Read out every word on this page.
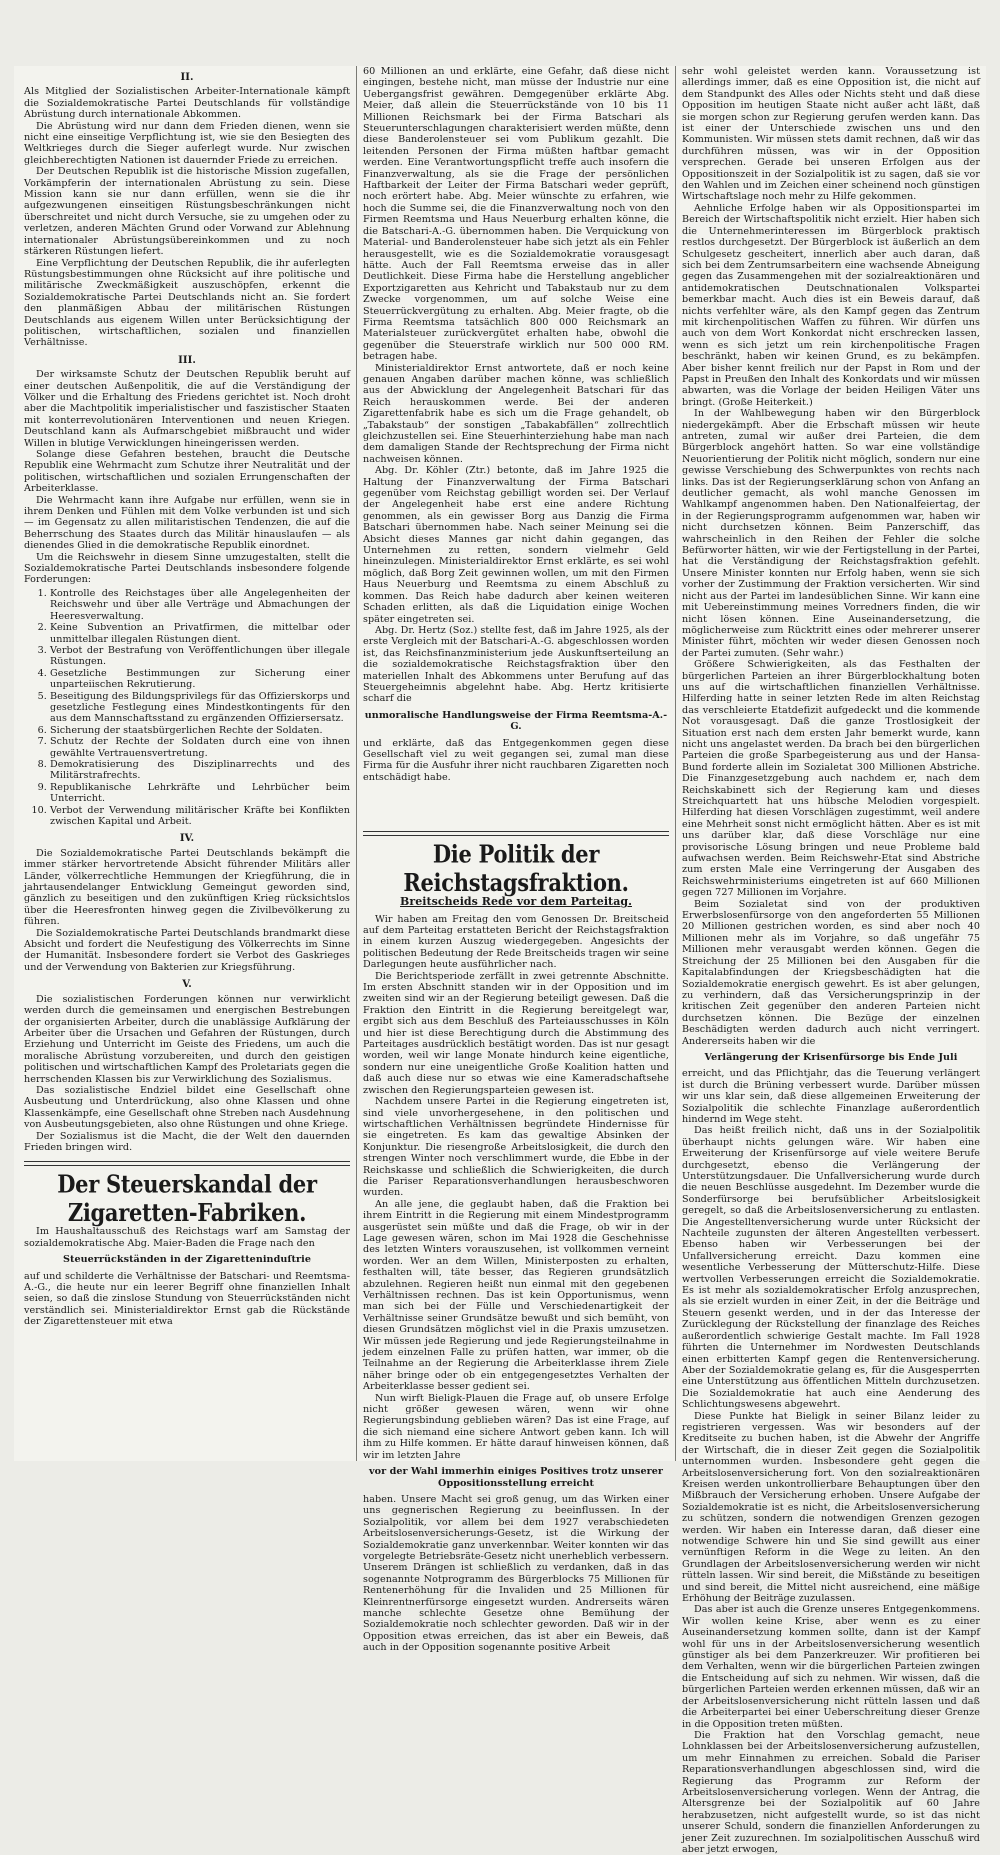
II.

Als Mitglied der Sozialistischen Arbeiter-Internationale kämpft die Sozialdemokratische Partei Deutschlands für vollständige Abrüstung durch internationale Abkommen.

Die Abrüstung wird nur dann dem Frieden dienen, wenn sie nicht eine einseitige Verpflichtung ist, wie sie den Besiegten des Weltkrieges durch die Sieger auferlegt wurde. Nur zwischen gleichberechtigten Nationen ist dauernder Friede zu erreichen.

Der Deutschen Republik ist die historische Mission zugefallen, Vorkämpferin der internationalen Abrüstung zu sein. Diese Mission kann sie nur dann erfüllen, wenn sie die ihr aufgezwungenen einseitigen Rüstungsbeschränkungen nicht überschreitet und nicht durch Versuche, sie zu umgehen oder zu verletzen, anderen Mächten Grund oder Vorwand zur Ablehnung internationaler Abrüstungsübereinkommen und zu noch stärkeren Rüstungen liefert.

Eine Verpflichtung der Deutschen Republik, die ihr auferlegten Rüstungsbestimmungen ohne Rücksicht auf ihre politische und militärische Zweckmäßigkeit auszuschöpfen, erkennt die Sozialdemokratische Partei Deutschlands nicht an. Sie fordert den planmäßigen Abbau der militärischen Rüstungen Deutschlands aus eigenem Willen unter Berücksichtigung der politischen, wirtschaftlichen, sozialen und finanziellen Verhältnisse.

III.

Der wirksamste Schutz der Deutschen Republik beruht auf einer deutschen Außenpolitik, die auf die Verständigung der Völker und die Erhaltung des Friedens gerichtet ist. Noch droht aber die Machtpolitik imperialistischer und faszistischer Staaten mit konterrevolutionären Interventionen und neuen Kriegen. Deutschland kann als Aufmarschgebiet mißbraucht und wider Willen in blutige Verwicklungen hineingerissen werden.

Solange diese Gefahren bestehen, braucht die Deutsche Republik eine Wehrmacht zum Schutze ihrer Neutralität und der politischen, wirtschaftlichen und sozialen Errungenschaften der Arbeiterklasse.

Die Wehrmacht kann ihre Aufgabe nur erfüllen, wenn sie in ihrem Denken und Fühlen mit dem Volke verbunden ist und sich — im Gegensatz zu allen militaristischen Tendenzen, die auf die Beherrschung des Staates durch das Militär hinauslaufen — als dienendes Glied in die demokratische Republik einordnet.

Um die Reichswehr in diesem Sinne umzugestalten, stellt die Sozialdemokratische Partei Deutschlands insbesondere folgende Forderungen:

1. Kontrolle des Reichstages über alle Angelegenheiten der Reichswehr und über alle Verträge und Abmachungen der Heeresverwaltung.
2. Keine Subvention an Privatfirmen, die mittelbar oder unmittelbar illegalen Rüstungen dient.
3. Verbot der Bestrafung von Veröffentlichungen über illegale Rüstungen.
4. Gesetzliche Bestimmungen zur Sicherung einer unparteiischen Rekrutierung.
5. Beseitigung des Bildungsprivilegs für das Offizierskorps und gesetzliche Festlegung eines Mindestkontingents für den aus dem Mannschaftsstand zu ergänzenden Offiziersersatz.
6. Sicherung der staatsbürgerlichen Rechte der Soldaten.
7. Schutz der Rechte der Soldaten durch eine von ihnen gewählte Vertrauensvertretung.
8. Demokratisierung des Disziplinarrechts und des Militärstrafrechts.
9. Republikanische Lehrkräfte und Lehrbücher beim Unterricht.
10. Verbot der Verwendung militärischer Kräfte bei Konflikten zwischen Kapital und Arbeit.
IV.

Die Sozialdemokratische Partei Deutschlands bekämpft die immer stärker hervortretende Absicht führender Militärs aller Länder, völkerrechtliche Hemmungen der Kriegführung, die in jahrtausendelanger Entwicklung Gemeingut geworden sind, gänzlich zu beseitigen und den zukünftigen Krieg rücksichtslos über die Heeresfronten hinweg gegen die Zivilbevölkerung zu führen.

Die Sozialdemokratische Partei Deutschlands brandmarkt diese Absicht und fordert die Neufestigung des Völkerrechts im Sinne der Humanität. Insbesondere fordert sie Verbot des Gaskrieges und der Verwendung von Bakterien zur Kriegsführung.

V.

Die sozialistischen Forderungen können nur verwirklicht werden durch die gemeinsamen und energischen Bestrebungen der organisierten Arbeiter, durch die unablässige Aufklärung der Arbeiter über die Ursachen und Gefahren der Rüstungen, durch Erziehung und Unterricht im Geiste des Friedens, um auch die moralische Abrüstung vorzubereiten, und durch den geistigen politischen und wirtschaftlichen Kampf des Proletariats gegen die herrschenden Klassen bis zur Verwirklichung des Sozialismus.

Das sozialistische Endziel bildet eine Gesellschaft ohne Ausbeutung und Unterdrückung, also ohne Klassen und ohne Klassenkämpfe, eine Gesellschaft ohne Streben nach Ausdehnung von Ausbeutungsgebieten, also ohne Rüstungen und ohne Kriege.

Der Sozialismus ist die Macht, die der Welt den dauernden Frieden bringen wird.

Der Steuerskandal der Zigaretten-Fabriken.

Im Haushaltausschuß des Reichstags warf am Samstag der sozialdemokratische Abg. Maier-Baden die Frage nach den

Steuerrückständen in der Zigaretteninduſtrie

auf und schilderte die Verhältnisse der Batschari- und Reemtsma-A.-G., die heute nur ein leerer Begriff ohne finanziellen Inhalt seien, so daß die zinslose Stundung von Steuerrückständen nicht verständlich sei. Ministerialdirektor Ernst gab die Rückstände der Zigarettensteuer mit etwa

60 Millionen an und erklärte, eine Gefahr, daß diese nicht eingingen, bestehe nicht, man müsse der Industrie nur eine Uebergangsfrist gewähren. Demgegenüber erklärte Abg. Meier, daß allein die Steuerrückstände von 10 bis 11 Millionen Reichsmark bei der Firma Batschari als Steuerunterschlagungen charakterisiert werden müßte, denn diese Banderolensteuer sei vom Publikum gezahlt. Die leitenden Personen der Firma müßten haftbar gemacht werden. Eine Verantwortungspflicht treffe auch insofern die Finanzverwaltung, als sie die Frage der persönlichen Haftbarkeit der Leiter der Firma Batschari weder geprüft, noch erörtert habe. Abg. Meier wünschte zu erfahren, wie hoch die Summe sei, die die Finanzverwaltung noch von den Firmen Reemtsma und Haus Neuerburg erhalten könne, die die Batschari-A.-G. übernommen haben. Die Verquickung von Material- und Banderolensteuer habe sich jetzt als ein Fehler herausgestellt, wie es die Sozialdemokratie vorausgesagt hätte. Auch der Fall Reemtsma erweise das in aller Deutlichkeit. Diese Firma habe die Herstellung angeblicher Exportzigaretten aus Kehricht und Tabakstaub nur zu dem Zwecke vorgenommen, um auf solche Weise eine Steuerrückvergütung zu erhalten. Abg. Meier fragte, ob die Firma Reemtsma tatsächlich 800 000 Reichsmark an Materialsteuer zurückvergütet erhalten habe, obwohl die gegenüber die Steuerstrafe wirklich nur 500 000 RM. betragen habe.

Ministerialdirektor Ernst antwortete, daß er noch keine genauen Angaben darüber machen könne, was schließlich aus der Abwicklung der Angelegenheit Batschari für das Reich herauskommen werde. Bei der anderen Zigarettenfabrik habe es sich um die Frage gehandelt, ob „Tabakstaub“ der sonstigen „Tabakabfällen“ zollrechtlich gleichzustellen sei. Eine Steuerhinterziehung habe man nach dem damaligen Stande der Rechtsprechung der Firma nicht nachweisen können.

Abg. Dr. Köhler (Ztr.) betonte, daß im Jahre 1925 die Haltung der Finanzverwaltung der Firma Batschari gegenüber vom Reichstag gebilligt worden sei. Der Verlauf der Angelegenheit habe erst eine andere Richtung genommen, als ein gewisser Borg aus Danzig die Firma Batschari übernommen habe. Nach seiner Meinung sei die Absicht dieses Mannes gar nicht dahin gegangen, das Unternehmen zu retten, sondern vielmehr Geld hineinzulegen. Ministerialdirektor Ernst erklärte, es sei wohl möglich, daß Borg Zeit gewinnen wollen, um mit den Firmen Haus Neuerburg und Reemtsma zu einem Abschluß zu kommen. Das Reich habe dadurch aber keinen weiteren Schaden erlitten, als daß die Liquidation einige Wochen später eingetreten sei.

Abg. Dr. Hertz (Soz.) stellte fest, daß im Jahre 1925, als der erste Vergleich mit der Batschari-A.-G. abgeschlossen worden ist, das Reichsfinanzministerium jede Auskunftserteilung an die sozialdemokratische Reichstagsfraktion über den materiellen Inhalt des Abkommens unter Berufung auf das Steuergeheimnis abgelehnt habe. Abg. Hertz kritisierte scharf die

unmoralische Handlungsweise der Firma Reemtsma-A.-G.

und erklärte, daß das Entgegenkommen gegen diese Gesellschaft viel zu weit gegangen sei, zumal man diese Firma für die Ausfuhr ihrer nicht rauchbaren Zigaretten noch entschädigt habe.

Die Politik der Reichstagsfraktion.
Breitscheids Rede vor dem Parteitag.

Wir haben am Freitag den vom Genossen Dr. Breitscheid auf dem Parteitag erstatteten Bericht der Reichstagsfraktion in einem kurzen Auszug wiedergegeben. Angesichts der politischen Bedeutung der Rede Breitscheids tragen wir seine Darlegungen heute ausführlicher nach.

Die Berichtsperiode zerfällt in zwei getrennte Abschnitte. Im ersten Abschnitt standen wir in der Opposition und im zweiten sind wir an der Regierung beteiligt gewesen. Daß die Fraktion den Eintritt in die Regierung bereitgelegt war, ergibt sich aus dem Beschluß des Parteiausschusses in Köln und hier ist diese Berechtigung durch die Abstimmung des Parteitages ausdrücklich bestätigt worden. Das ist nur gesagt worden, weil wir lange Monate hindurch keine eigentliche, sondern nur eine uneigentliche Große Koalition hatten und daß auch diese nur so etwas wie eine Kameradschaftsehe zwischen den Regierungsparteien gewesen ist.

Nachdem unsere Partei in die Regierung eingetreten ist, sind viele unvorhergesehene, in den politischen und wirtschaftlichen Verhältnissen begründete Hindernisse für sie eingetreten. Es kam das gewaltige Absinken der Konjunktur. Die riesengroße Arbeitslosigkeit, die durch den strengen Winter noch verschlimmert wurde, die Ebbe in der Reichskasse und schließlich die Schwierigkeiten, die durch die Pariser Reparationsverhandlungen herausbeschworen wurden.

An alle jene, die geglaubt haben, daß die Fraktion bei ihrem Eintritt in die Regierung mit einem Mindestprogramm ausgerüstet sein müßte und daß die Frage, ob wir in der Lage gewesen wären, schon im Mai 1928 die Geschehnisse des letzten Winters vorauszusehen, ist vollkommen verneint worden. Wer an dem Willen, Ministerposten zu erhalten, festhalten will, täte besser, das Regieren grundsätzlich abzulehnen. Regieren heißt nun einmal mit den gegebenen Verhältnissen rechnen. Das ist kein Opportunismus, wenn man sich bei der Fülle und Verschiedenartigkeit der Verhältnisse seiner Grundsätze bewußt und sich bemüht, von diesen Grundsätzen möglichst viel in die Praxis umzusetzen. Wir müssen jede Regierung und jede Regierungsteilnahme in jedem einzelnen Falle zu prüfen hatten, war immer, ob die Teilnahme an der Regierung die Arbeiterklasse ihrem Ziele näher bringe oder ob ein entgegengesetztes Verhalten der Arbeiterklasse besser gedient sei.

Nun wirft Bieligk-Plauen die Frage auf, ob unsere Erfolge nicht größer gewesen wären, wenn wir ohne Regierungsbindung geblieben wären? Das ist eine Frage, auf die sich niemand eine sichere Antwort geben kann. Ich will ihm zu Hilfe kommen. Er hätte darauf hinweisen können, daß wir im letzten Jahre

vor der Wahl immerhin einiges Positives trotz unserer Oppositionsstellung erreicht

haben. Unsere Macht sei groß genug, um das Wirken einer uns gegnerischen Regierung zu beeinflussen. In der Sozialpolitik, vor allem bei dem 1927 verabschiedeten Arbeitslosenversicherungs-Gesetz, ist die Wirkung der Sozialdemokratie ganz unverkennbar. Weiter konnten wir das vorgelegte Betriebsräte-Gesetz nicht unerheblich verbessern. Unserem Drängen ist schließlich zu verdanken, daß in das sogenannte Notprogramm des Bürgerblocks 75 Millionen für Rentenerhöhung für die Invaliden und 25 Millionen für Kleinrentnerfürsorge eingesetzt wurden. Andrerseits wären manche schlechte Gesetze ohne Bemühung der Sozialdemokratie noch schlechter geworden. Daß wir in der Opposition etwas erreichen, das ist aber ein Beweis, daß auch in der Opposition sogenannte positive Arbeit

sehr wohl geleistet werden kann. Voraussetzung ist allerdings immer, daß es eine Opposition ist, die nicht auf dem Standpunkt des Alles oder Nichts steht und daß diese Opposition im heutigen Staate nicht außer acht läßt, daß sie morgen schon zur Regierung gerufen werden kann. Das ist einer der Unterschiede zwischen uns und den Kommunisten. Wir müssen stets damit rechnen, daß wir das durchführen müssen, was wir in der Opposition versprechen. Gerade bei unseren Erfolgen aus der Oppositionszeit in der Sozialpolitik ist zu sagen, daß sie vor den Wahlen und im Zeichen einer scheinend noch günstigen Wirtschaftslage noch mehr zu Hilfe gekommen.

Aehnliche Erfolge haben wir als Oppositionspartei im Bereich der Wirtschaftspolitik nicht erzielt. Hier haben sich die Unternehmerinteressen im Bürgerblock praktisch restlos durchgesetzt. Der Bürgerblock ist äußerlich an dem Schulgesetz gescheitert, innerlich aber auch daran, daß sich bei dem Zentrumsarbeitern eine wachsende Abneigung gegen das Zusammengehen mit der sozialreaktionären und antidemokratischen Deutschnationalen Volkspartei bemerkbar macht. Auch dies ist ein Beweis darauf, daß nichts verfehlter wäre, als den Kampf gegen das Zentrum mit kirchenpolitischen Waffen zu führen. Wir dürfen uns auch von dem Wort Konkordat nicht erschrecken lassen, wenn es sich jetzt um rein kirchenpolitische Fragen beschränkt, haben wir keinen Grund, es zu bekämpfen. Aber bisher kennt freilich nur der Papst in Rom und der Papst in Preußen den Inhalt des Konkordats und wir müssen abwarten, was die Vorlage der beiden Heiligen Väter uns bringt. (Große Heiterkeit.)

In der Wahlbewegung haben wir den Bürgerblock niedergekämpft. Aber die Erbschaft müssen wir heute antreten, zumal wir außer drei Parteien, die dem Bürgerblock angehört hatten. So war eine vollständige Neuorientierung der Politik nicht möglich, sondern nur eine gewisse Verschiebung des Schwerpunktes von rechts nach links. Das ist der Regierungserklärung schon von Anfang an deutlicher gemacht, als wohl manche Genossen im Wahlkampf angenommen haben. Den Nationalfeiertag, der in der Regierungsprogramm aufgenommen war, haben wir nicht durchsetzen können. Beim Panzerschiff, das wahrscheinlich in den Reihen der Fehler die solche Befürworter hätten, wir wie der Fertigstellung in der Partei, hat die Verständigung der Reichstagsfraktion gefehlt. Unsere Minister konnten nur Erfolg haben, wenn sie sich vorher der Zustimmung der Fraktion versicherten. Wir sind nicht aus der Partei im landesüblichen Sinne. Wir kann eine mit Uebereinstimmung meines Vorredners finden, die wir nicht lösen können. Eine Auseinandersetzung, die möglicherweise zum Rücktritt eines oder mehrerer unserer Minister führt, möchten wir weder diesen Genossen noch der Partei zumuten. (Sehr wahr.)

Größere Schwierigkeiten, als das Festhalten der bürgerlichen Parteien an ihrer Bürgerblockhaltung boten uns auf die wirtschaftlichen finanziellen Verhältnisse. Hilferding hatte in seiner letzten Rede im alten Reichstag das verschleierte Etatdefizit aufgedeckt und die kommende Not vorausgesagt. Daß die ganze Trostlosigkeit der Situation erst nach dem ersten Jahr bemerkt wurde, kann nicht uns angelastet werden. Da brach bei den bürgerlichen Parteien die große Sparbegeisterung aus und der Hansa-Bund forderte allein im Sozialetat 300 Millionen Abstriche. Die Finanzgesetzgebung auch nachdem er, nach dem Reichskabinett sich der Regierung kam und dieses Streichquartett hat uns hübsche Melodien vorgespielt. Hilferding hat diesen Vorschlägen zugestimmt, weil andere eine Mehrheit sonst nicht ermöglicht hätten. Aber es ist mit uns darüber klar, daß diese Vorschläge nur eine provisorische Lösung bringen und neue Probleme bald aufwachsen werden. Beim Reichswehr-Etat sind Abstriche zum ersten Male eine Verringerung der Ausgaben des Reichswehrministeriums eingetreten ist auf 660 Millionen gegen 727 Millionen im Vorjahre.

Beim Sozialetat sind von der produktiven Erwerbslosenfürsorge von den angeforderten 55 Millionen 20 Millionen gestrichen worden, es sind aber noch 40 Millionen mehr als im Vorjahre, so daß ungefähr 75 Millionen mehr verausgabt werden können. Gegen die Streichung der 25 Millionen bei den Ausgaben für die Kapitalabfindungen der Kriegsbeschädigten hat die Sozialdemokratie energisch gewehrt. Es ist aber gelungen, zu verhindern, daß das Versicherungsprinzip in der kritischen Zeit gegenüber den anderen Parteien nicht durchsetzen können. Die Bezüge der einzelnen Beschädigten werden dadurch auch nicht verringert. Andererseits haben wir die

Verlängerung der Krisenfürsorge bis Ende Juli

erreicht, und das Pflichtjahr, das die Teuerung verlängert ist durch die Brüning verbessert wurde. Darüber müssen wir uns klar sein, daß diese allgemeinen Erweiterung der Sozialpolitik die schlechte Finanzlage außerordentlich hindernd im Wege steht.

Das heißt freilich nicht, daß uns in der Sozialpolitik überhaupt nichts gelungen wäre. Wir haben eine Erweiterung der Krisenfürsorge auf viele weitere Berufe durchgesetzt, ebenso die Verlängerung der Unterstützungsdauer. Die Unfallversicherung wurde durch die neuen Beschlüsse ausgedehnt. Im Dezember wurde die Sonderfürsorge bei berufsüblicher Arbeitslosigkeit geregelt, so daß die Arbeitslosenversicherung zu entlasten. Die Angestelltenversicherung wurde unter Rücksicht der Nachteile zugunsten der älteren Angestellten verbessert. Ebenso haben wir Verbesserungen bei der Unfallversicherung erreicht. Dazu kommen eine wesentliche Verbesserung der Mütterschutz-Hilfe. Diese wertvollen Verbesserungen erreicht die Sozialdemokratie. Es ist mehr als sozialdemokratischer Erfolg anzusprechen, als sie erzielt wurden in einer Zeit, in der die Beiträge und Steuern gesenkt werden, und in der das Interesse der Zurücklegung der Rückstellung der finanzlage des Reiches außerordentlich schwierige Gestalt machte. Im Fall 1928 führten die Unternehmer im Nordwesten Deutschlands einen erbitterten Kampf gegen die Rentenversicherung. Aber der Sozialdemokratie gelang es, für die Ausgesperrten eine Unterstützung aus öffentlichen Mitteln durchzusetzen. Die Sozialdemokratie hat auch eine Aenderung des Schlichtungswesens abgewehrt.

Diese Punkte hat Bieligk in seiner Bilanz leider zu registrieren vergessen. Was wir besonders auf der Kreditseite zu buchen haben, ist die Abwehr der Angriffe der Wirtschaft, die in dieser Zeit gegen die Sozialpolitik unternommen wurden. Insbesondere geht gegen die Arbeitslosenversicherung fort. Von den sozialreaktionären Kreisen werden unkontrollierbare Behauptungen über den Mißbrauch der Versicherung erhoben. Unsere Aufgabe der Sozialdemokratie ist es nicht, die Arbeitslosenversicherung zu schützen, sondern die notwendigen Grenzen gezogen werden. Wir haben ein Interesse daran, daß dieser eine notwendige Schwere hin und Sie sind gewillt aus einer vernünftigen Reform in die Wege zu leiten. An den Grundlagen der Arbeitslosenversicherung werden wir nicht rütteln lassen. Wir sind bereit, die Mißstände zu beseitigen und sind bereit, die Mittel nicht ausreichend, eine mäßige Erhöhung der Beiträge zuzulassen.

Das aber ist auch die Grenze unseres Entgegenkommens. Wir wollen keine Krise, aber wenn es zu einer Auseinandersetzung kommen sollte, dann ist der Kampf wohl für uns in der Arbeitslosenversicherung wesentlich günstiger als bei dem Panzerkreuzer. Wir profitieren bei dem Verhalten, wenn wir die bürgerlichen Parteien zwingen die Entscheidung auf sich zu nehmen. Wir wissen, daß die bürgerlichen Parteien werden erkennen müssen, daß wir an der Arbeitslosenversicherung nicht rütteln lassen und daß die Arbeiterpartei bei einer Ueberschreitung dieser Grenze in die Opposition treten müßten.

Die Fraktion hat den Vorschlag gemacht, neue Lohnklassen bei der Arbeitslosenversicherung aufzustellen, um mehr Einnahmen zu erreichen. Sobald die Pariser Reparationsverhandlungen abgeschlossen sind, wird die Regierung das Programm zur Reform der Arbeitslosenversicherung vorlegen. Wenn der Antrag, die Altersgrenze bei der Sozialpolitik auf 60 Jahre herabzusetzen, nicht aufgestellt wurde, so ist das nicht unserer Schuld, sondern die finanziellen Anforderungen zu jener Zeit zuzurechnen. Im sozialpolitischen Ausschuß wird aber jetzt erwogen,
